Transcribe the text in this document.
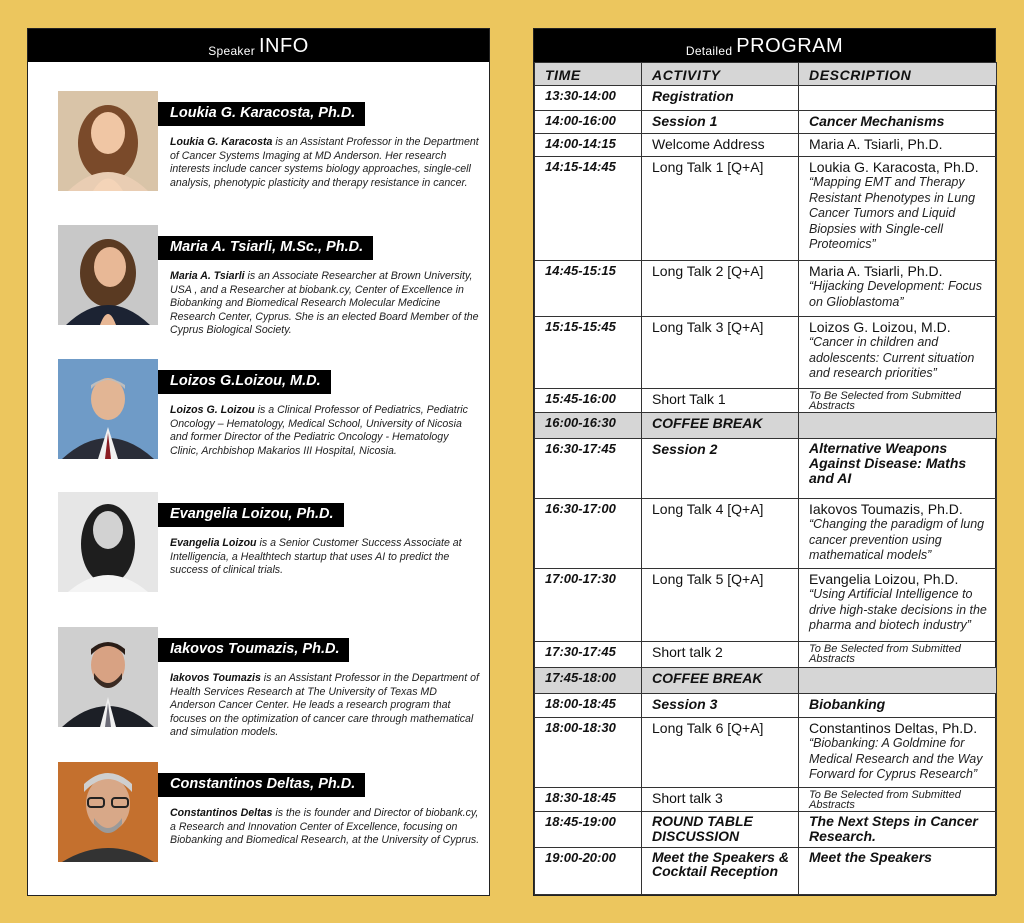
Speaker INFO
Loukia G. Karacosta, Ph.D.
Loukia G. Karacosta is an Assistant Professor in the Department of Cancer Systems Imaging at MD Anderson. Her research interests include cancer systems biology approaches, single-cell analysis, phenotypic plasticity and therapy resistance in cancer.
Maria A. Tsiarli, M.Sc., Ph.D.
Maria A. Tsiarli is an Associate Researcher at Brown University, USA , and a Researcher at biobank.cy, Center of Excellence in Biobanking and Biomedical Research Molecular Medicine Research Center, Cyprus. She is an elected Board Member of the Cyprus Biological Society.
Loizos G.Loizou, M.D.
Loizos G. Loizou is a Clinical Professor of Pediatrics, Pediatric Oncology – Hematology, Medical School, University of Nicosia and former Director of the Pediatric Oncology - Hematology Clinic, Archbishop Makarios III Hospital, Nicosia.
Evangelia Loizou, Ph.D.
Evangelia Loizou is a Senior Customer Success Associate at Intelligencia, a Healthtech startup that uses AI to predict the success of clinical trials.
Iakovos Toumazis, Ph.D.
Iakovos Toumazis is an Assistant Professor in the Department of Health Services Research at The University of Texas MD Anderson Cancer Center. He leads a research program that focuses on the optimization of cancer care through mathematical and simulation models.
Constantinos Deltas, Ph.D.
Constantinos Deltas is the is founder and Director of biobank.cy, a Research and Innovation Center of Excellence, focusing on Biobanking and Biomedical Research, at the University of Cyprus.
Detailed PROGRAM
TIME	ACTIVITY	DESCRIPTION
13:30-14:00	Registration	
14:00-16:00	Session 1	Cancer Mechanisms
14:00-14:15	Welcome Address	Maria A. Tsiarli, Ph.D.
14:15-14:45	Long Talk 1 [Q+A]	Loukia G. Karacosta, Ph.D.
“Mapping EMT and Therapy Resistant Phenotypes in Lung Cancer Tumors and Liquid Biopsies with Single-cell Proteomics”

14:45-15:15	Long Talk 2 [Q+A]	Maria A. Tsiarli, Ph.D.
“Hijacking Development: Focus on Glioblastoma”

15:15-15:45	Long Talk 3 [Q+A]	Loizos G. Loizou, M.D.
“Cancer in children and adolescents: Current situation and research priorities”

15:45-16:00	Short Talk 1	To Be Selected from Submitted Abstracts

16:00-16:30	COFFEE BREAK	
16:30-17:45	Session 2	Alternative Weapons Against Disease: Maths and AI
16:30-17:00	Long Talk 4 [Q+A]	Iakovos Toumazis, Ph.D.
“Changing the paradigm of lung cancer prevention using mathematical models”

17:00-17:30	Long Talk 5 [Q+A]	Evangelia Loizou, Ph.D.
“Using Artificial Intelligence to drive high-stake decisions in the pharma and biotech industry”

17:30-17:45	Short talk 2	To Be Selected from Submitted Abstracts

17:45-18:00	COFFEE BREAK	
18:00-18:45	Session 3	Biobanking
18:00-18:30	Long Talk 6 [Q+A]	Constantinos Deltas, Ph.D.
“Biobanking: A Goldmine for Medical Research and the Way Forward for Cyprus Research”

18:30-18:45	Short talk 3	To Be Selected from Submitted Abstracts

18:45-19:00	ROUND TABLE DISCUSSION	The Next Steps in Cancer Research.
19:00-20:00	Meet the Speakers & Cocktail Reception	Meet the Speakers
